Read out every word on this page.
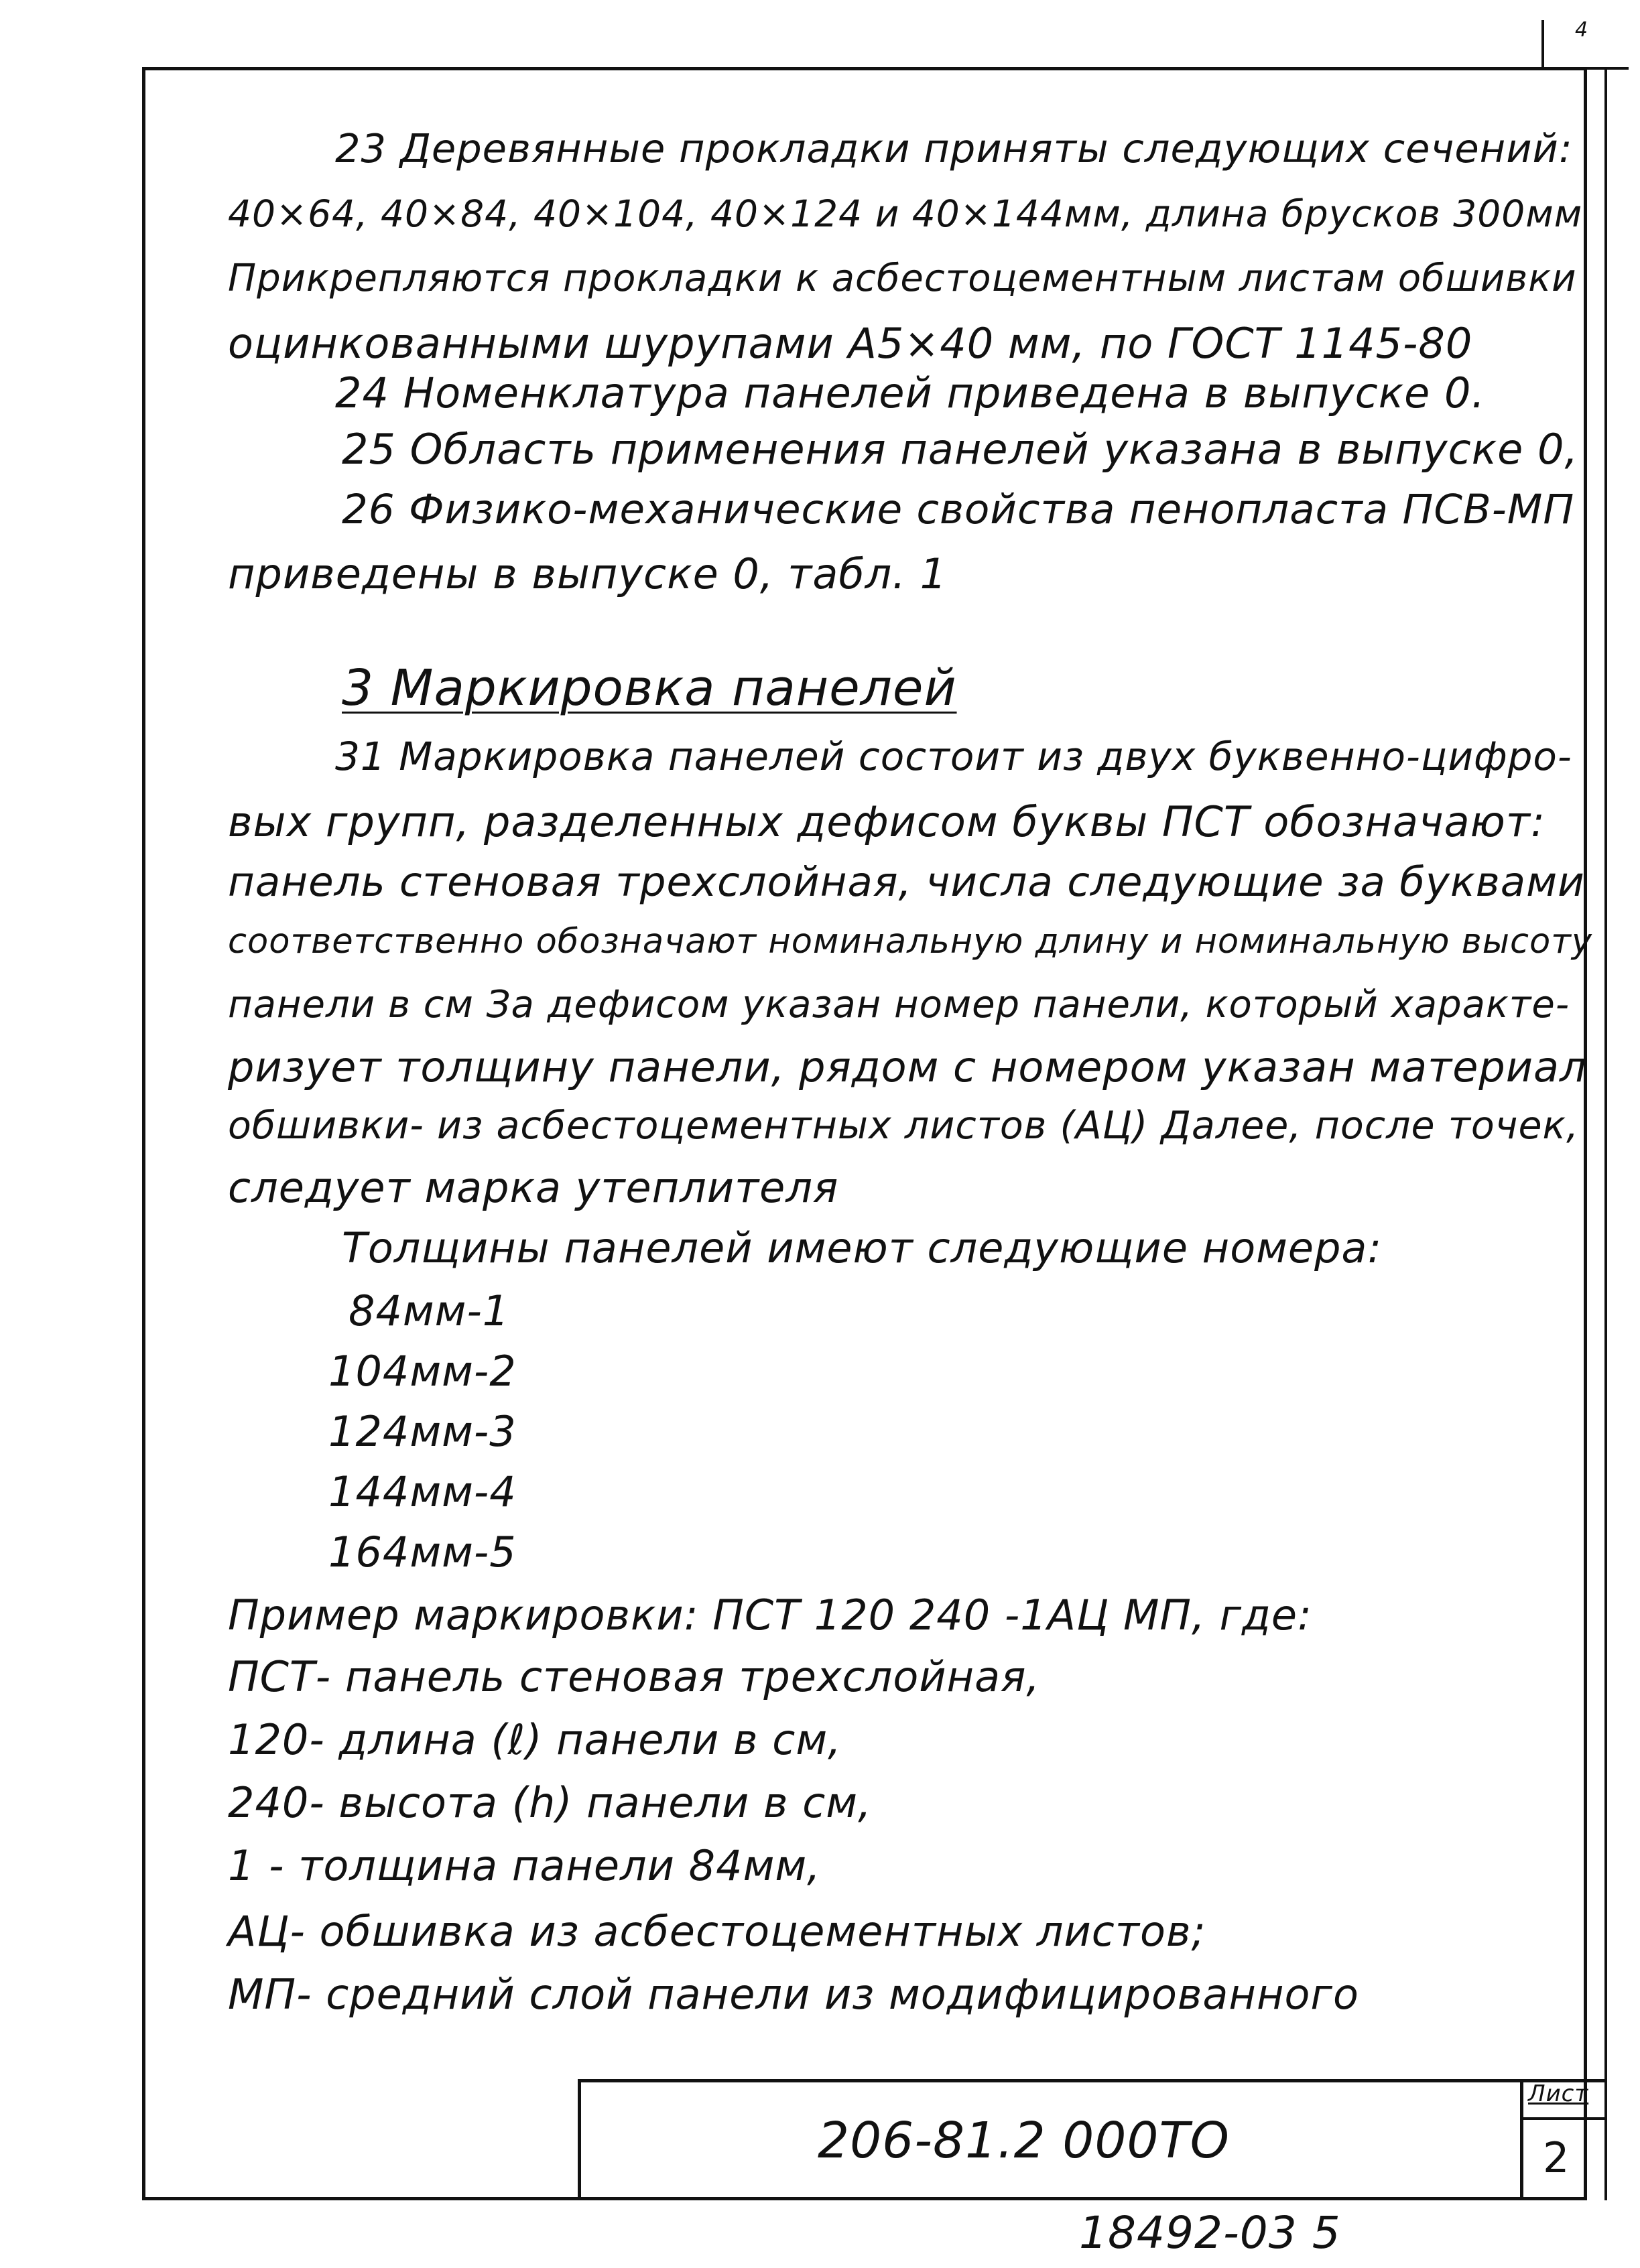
4
23 Деревянные прокладки приняты следующих сечений:
40×64, 40×84, 40×104, 40×124 и 40×144мм, длина брусков 300мм
Прикрепляются прокладки к асбестоцементным листам обшивки
оцинкованными шурупами А5×40 мм, по ГОСТ 1145-80
24 Номенклатура панелей приведена в выпуске 0.
25 Область применения панелей указана в выпуске 0,
26 Физико-механические свойства пенопласта ПСВ-МП
приведены в выпуске 0, табл. 1
3 Маркировка панелей
31 Маркировка панелей состоит из двух буквенно-цифро-
вых групп, разделенных дефисом буквы ПСТ обозначают:
панель стеновая трехслойная, числа следующие за буквами
соответственно обозначают номинальную длину и номинальную высоту
панели в см За дефисом указан номер панели, который характе-
ризует толщину панели, рядом с номером указан материал
обшивки- из асбестоцементных листов (АЦ) Далее, после точек,
следует марка утеплителя
Толщины панелей имеют следующие номера:
84мм-1
104мм-2
124мм-3
144мм-4
164мм-5
Пример маркировки: ПСТ 120 240 -1АЦ МП, где:
ПСТ- панель стеновая трехслойная,
120- длина (ℓ) панели в см,
240- высота (h) панели в см,
1 - толщина панели 84мм,
АЦ- обшивка из асбестоцементных листов;
МП- средний слой панели из модифицированного
206-81.2 000ТО
Лист
2
18492-03 5
